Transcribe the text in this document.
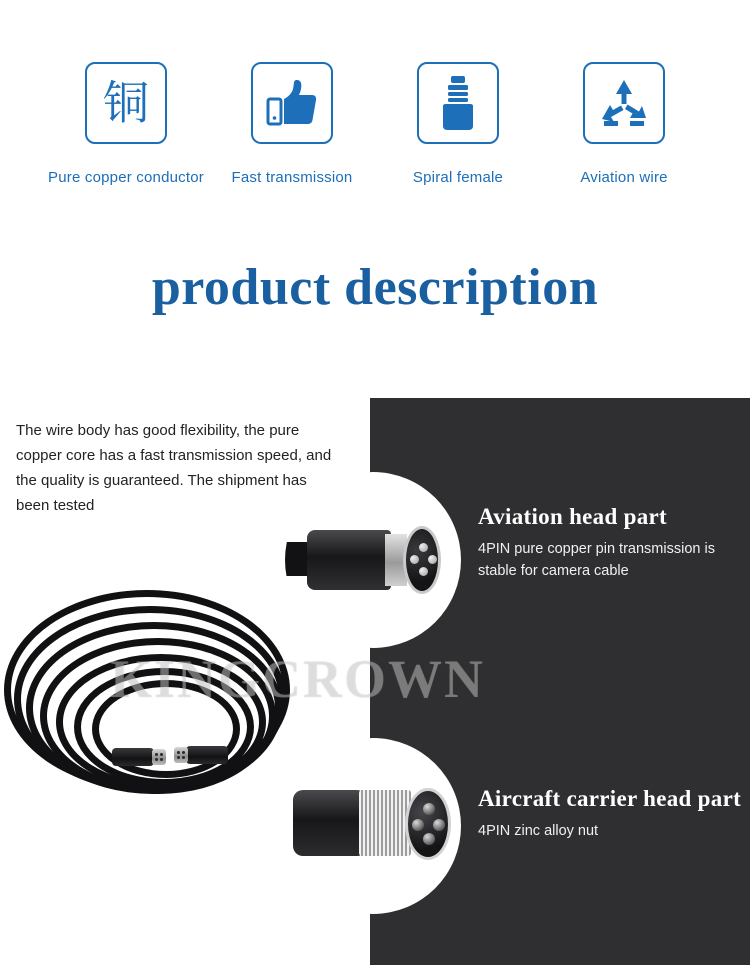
铜
Pure copper conductor Fast transmission	Spiral female	Aviation wire
product description
The wire body has good flexibility, the pure copper core has a fast transmission speed, and the quality is guaranteed. The shipment has been tested
KINGCROWN
Aviation head part
4PIN pure copper pin transmission is stable for camera cable
Aircraft carrier head part
4PIN zinc alloy nut
